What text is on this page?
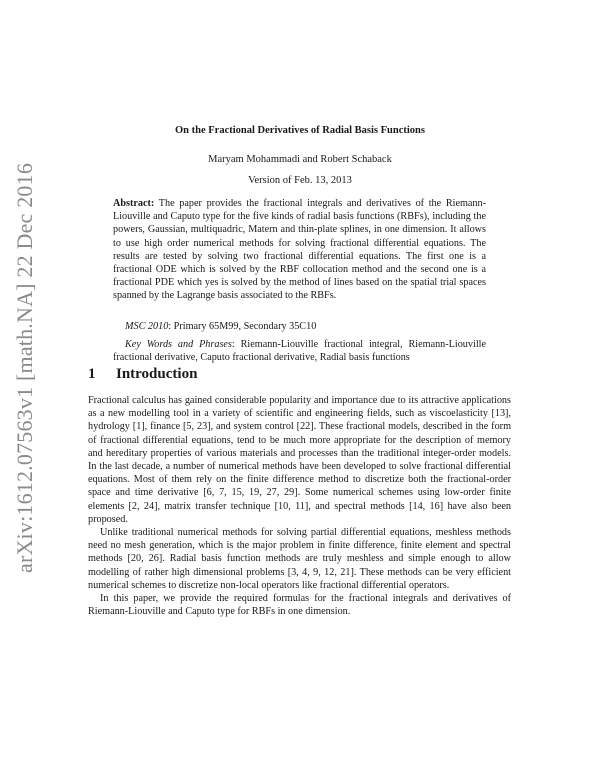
arXiv:1612.07563v1 [math.NA] 22 Dec 2016
On the Fractional Derivatives of Radial Basis Functions
Maryam Mohammadi and Robert Schaback
Version of Feb. 13, 2013

Abstract: The paper provides the fractional integrals and derivatives of the Riemann-Liouville and Caputo type for the five kinds of radial basis functions (RBFs), including the powers, Gaussian, multiquadric, Matern and thin-plate splines, in one dimension. It allows to use high order numerical methods for solving fractional differential equations. The results are tested by solving two fractional differential equations. The first one is a fractional ODE which is solved by the RBF collocation method and the second one is a fractional PDE which yes is solved by the method of lines based on the spatial trial spaces spanned by the Lagrange basis associated to the RBFs.

MSC 2010: Primary 65M99, Secondary 35C10

Key Words and Phrases: Riemann-Liouville fractional integral, Riemann-Liouville fractional derivative, Caputo fractional derivative, Radial basis functions

1 Introduction

Fractional calculus has gained considerable popularity and importance due to its attractive applications as a new modelling tool in a variety of scientific and engineering fields, such as viscoelasticity [13], hydrology [1], finance [5, 23], and system control [22]. These fractional models, described in the form of fractional differential equations, tend to be much more appropriate for the description of memory and hereditary properties of various materials and processes than the traditional integer-order models. In the last decade, a number of numerical methods have been developed to solve fractional differential equations. Most of them rely on the finite difference method to discretize both the fractional-order space and time derivative [6, 7, 15, 19, 27, 29]. Some numerical schemes using low-order finite elements [2, 24], matrix transfer technique [10, 11], and spectral methods [14, 16] have also been proposed.

Unlike traditional numerical methods for solving partial differential equations, meshless methods need no mesh generation, which is the major problem in finite difference, finite element and spectral methods [20, 26]. Radial basis function methods are truly meshless and simple enough to allow modelling of rather high dimensional problems [3, 4, 9, 12, 21]. These methods can be very efficient numerical schemes to discretize non-local operators like fractional differential operators.

In this paper, we provide the required formulas for the fractional integrals and derivatives of Riemann-Liouville and Caputo type for RBFs in one dimension.
